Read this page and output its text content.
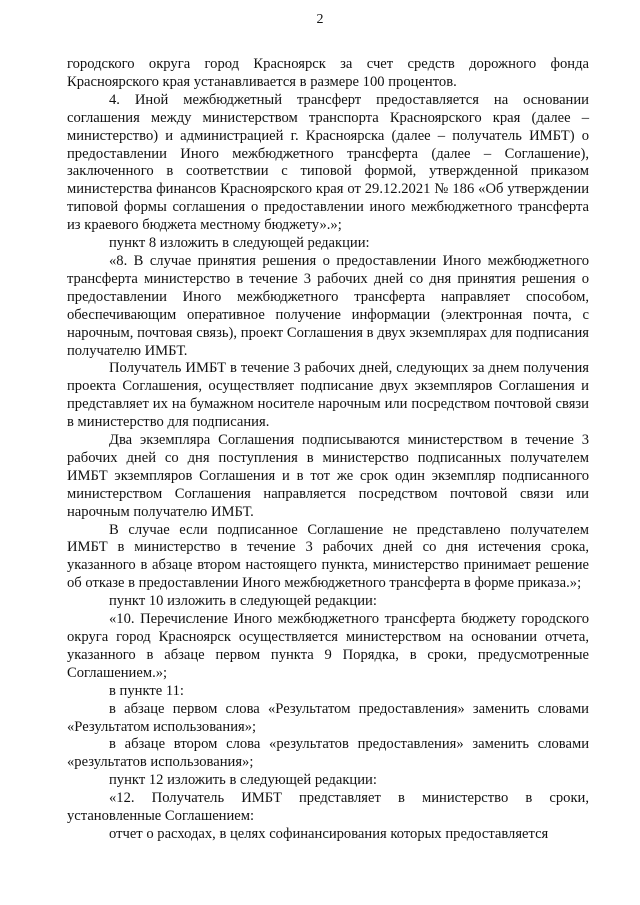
2

городского округа город Красноярск за счет средств дорожного фонда Красноярского края устанавливается в размере 100 процентов.

4. Иной межбюджетный трансферт предоставляется на основании соглашения между министерством транспорта Красноярского края (далее – министерство) и администрацией г. Красноярска (далее – получатель ИМБТ) о предоставлении Иного межбюджетного трансферта (далее – Соглашение), заключенного в соответствии с типовой формой, утвержденной приказом министерства финансов Красноярского края от 29.12.2021 № 186 «Об утверждении типовой формы соглашения о предоставлении иного межбюджетного трансферта из краевого бюджета местному бюджету».»;

пункт 8 изложить в следующей редакции:

«8. В случае принятия решения о предоставлении Иного межбюджетного трансферта министерство в течение 3 рабочих дней со дня принятия решения о предоставлении Иного межбюджетного трансферта направляет способом, обеспечивающим оперативное получение информации (электронная почта, с нарочным, почтовая связь), проект Соглашения в двух экземплярах для подписания получателю ИМБТ.

Получатель ИМБТ в течение 3 рабочих дней, следующих за днем получения проекта Соглашения, осуществляет подписание двух экземпляров Соглашения и представляет их на бумажном носителе нарочным или посредством почтовой связи в министерство для подписания.

Два экземпляра Соглашения подписываются министерством в течение 3 рабочих дней со дня поступления в министерство подписанных получателем ИМБТ экземпляров Соглашения и в тот же срок один экземпляр подписанного министерством Соглашения направляется посредством почтовой связи или нарочным получателю ИМБТ.

В случае если подписанное Соглашение не представлено получателем ИМБТ в министерство в течение 3 рабочих дней со дня истечения срока, указанного в абзаце втором настоящего пункта, министерство принимает решение об отказе в предоставлении Иного межбюджетного трансферта в форме приказа.»;

пункт 10 изложить в следующей редакции:

«10. Перечисление Иного межбюджетного трансферта бюджету городского округа город Красноярск осуществляется министерством на основании отчета, указанного в абзаце первом пункта 9 Порядка, в сроки, предусмотренные Соглашением.»;

в пункте 11:

в абзаце первом слова «Результатом предоставления» заменить словами «Результатом использования»;

в абзаце втором слова «результатов предоставления» заменить словами «результатов использования»;

пункт 12 изложить в следующей редакции:

«12. Получатель ИМБТ представляет в министерство в сроки, установленные Соглашением:

отчет о расходах, в целях софинансирования которых предоставляется
